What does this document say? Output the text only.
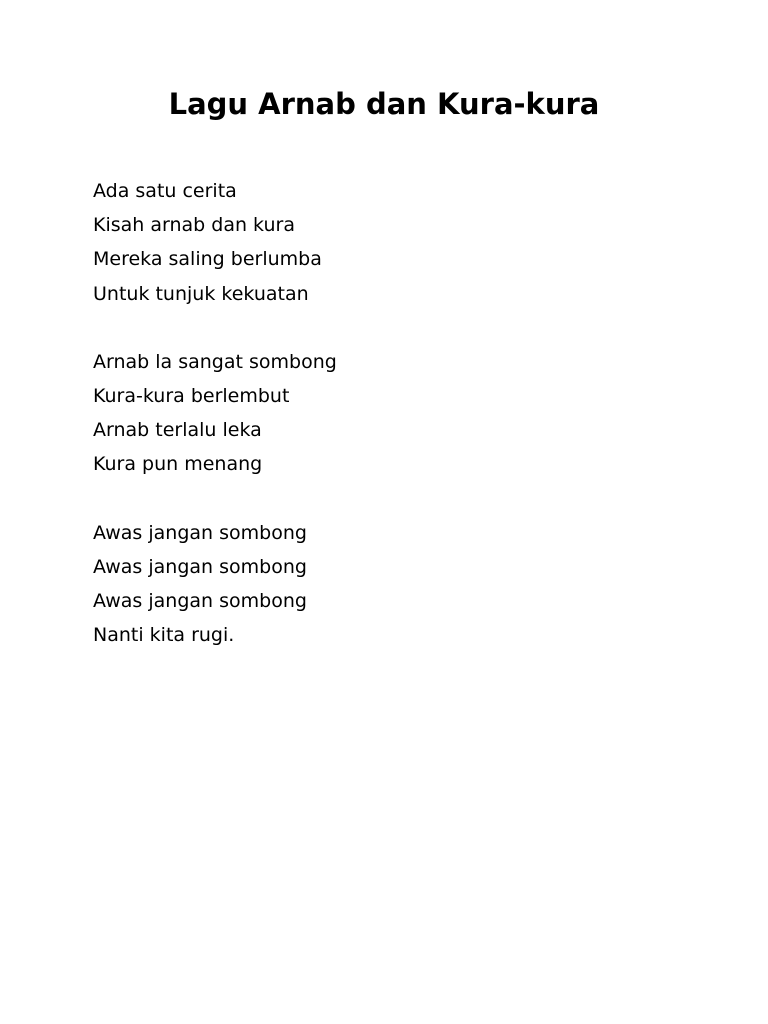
Lagu Arnab dan Kura-kura
Ada satu cerita
Kisah arnab dan kura
Mereka saling berlumba
Untuk tunjuk kekuatan
Arnab la sangat sombong
Kura-kura berlembut
Arnab terlalu leka
Kura pun menang
Awas jangan sombong
Awas jangan sombong
Awas jangan sombong
Nanti kita rugi.
